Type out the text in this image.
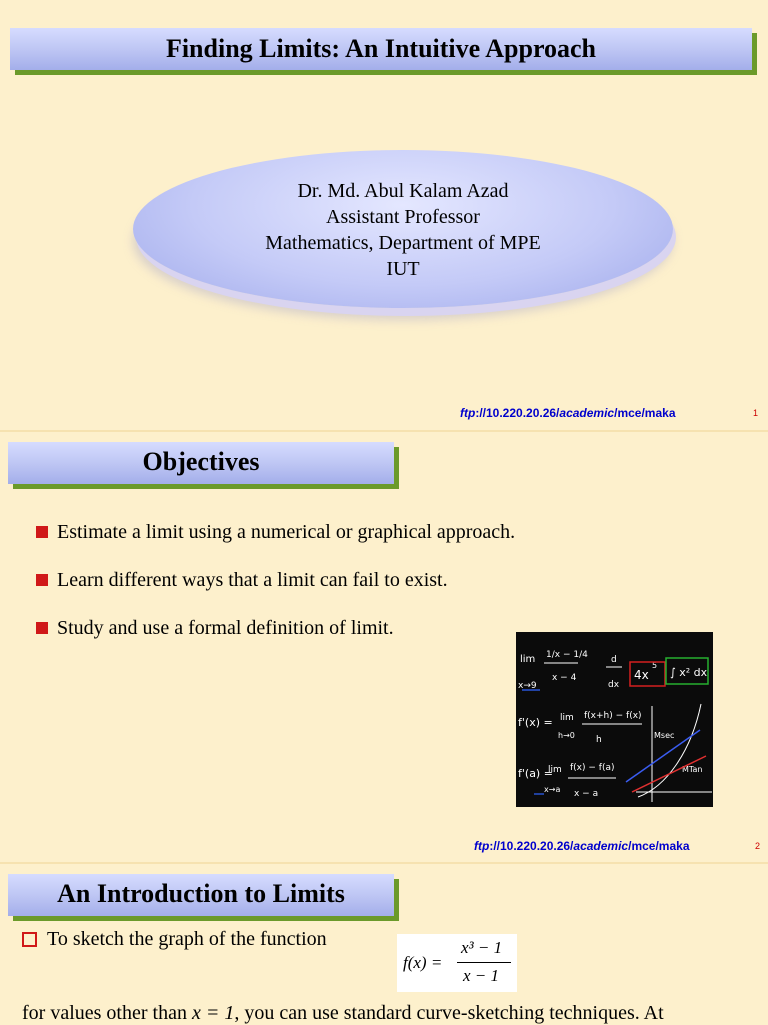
Finding Limits: An Intuitive Approach
Dr. Md. Abul Kalam Azad
Assistant Professor
Mathematics, Department of MPE
IUT
ftp://10.220.20.26/academic/mce/maka	1
Objectives
Estimate a limit using a numerical or graphical approach.
Learn different ways that a limit can fail to exist.
Study and use a formal definition of limit.
lim
x→9
1/x − 1/4
x − 4
d
dx
4x
5
∫ x² dx
f'(x) = lim
h→0
f(x+h) − f(x)
h
f'(a) =
lim
x→a
f(x) − f(a)
x − a
Msec
MTan
ftp://10.220.20.26/academic/mce/maka	2
An Introduction to Limits
To sketch the graph of the function
f(x) =
x³ − 1
x − 1
for values other than x = 1, you can use standard curve-sketching techniques. At
